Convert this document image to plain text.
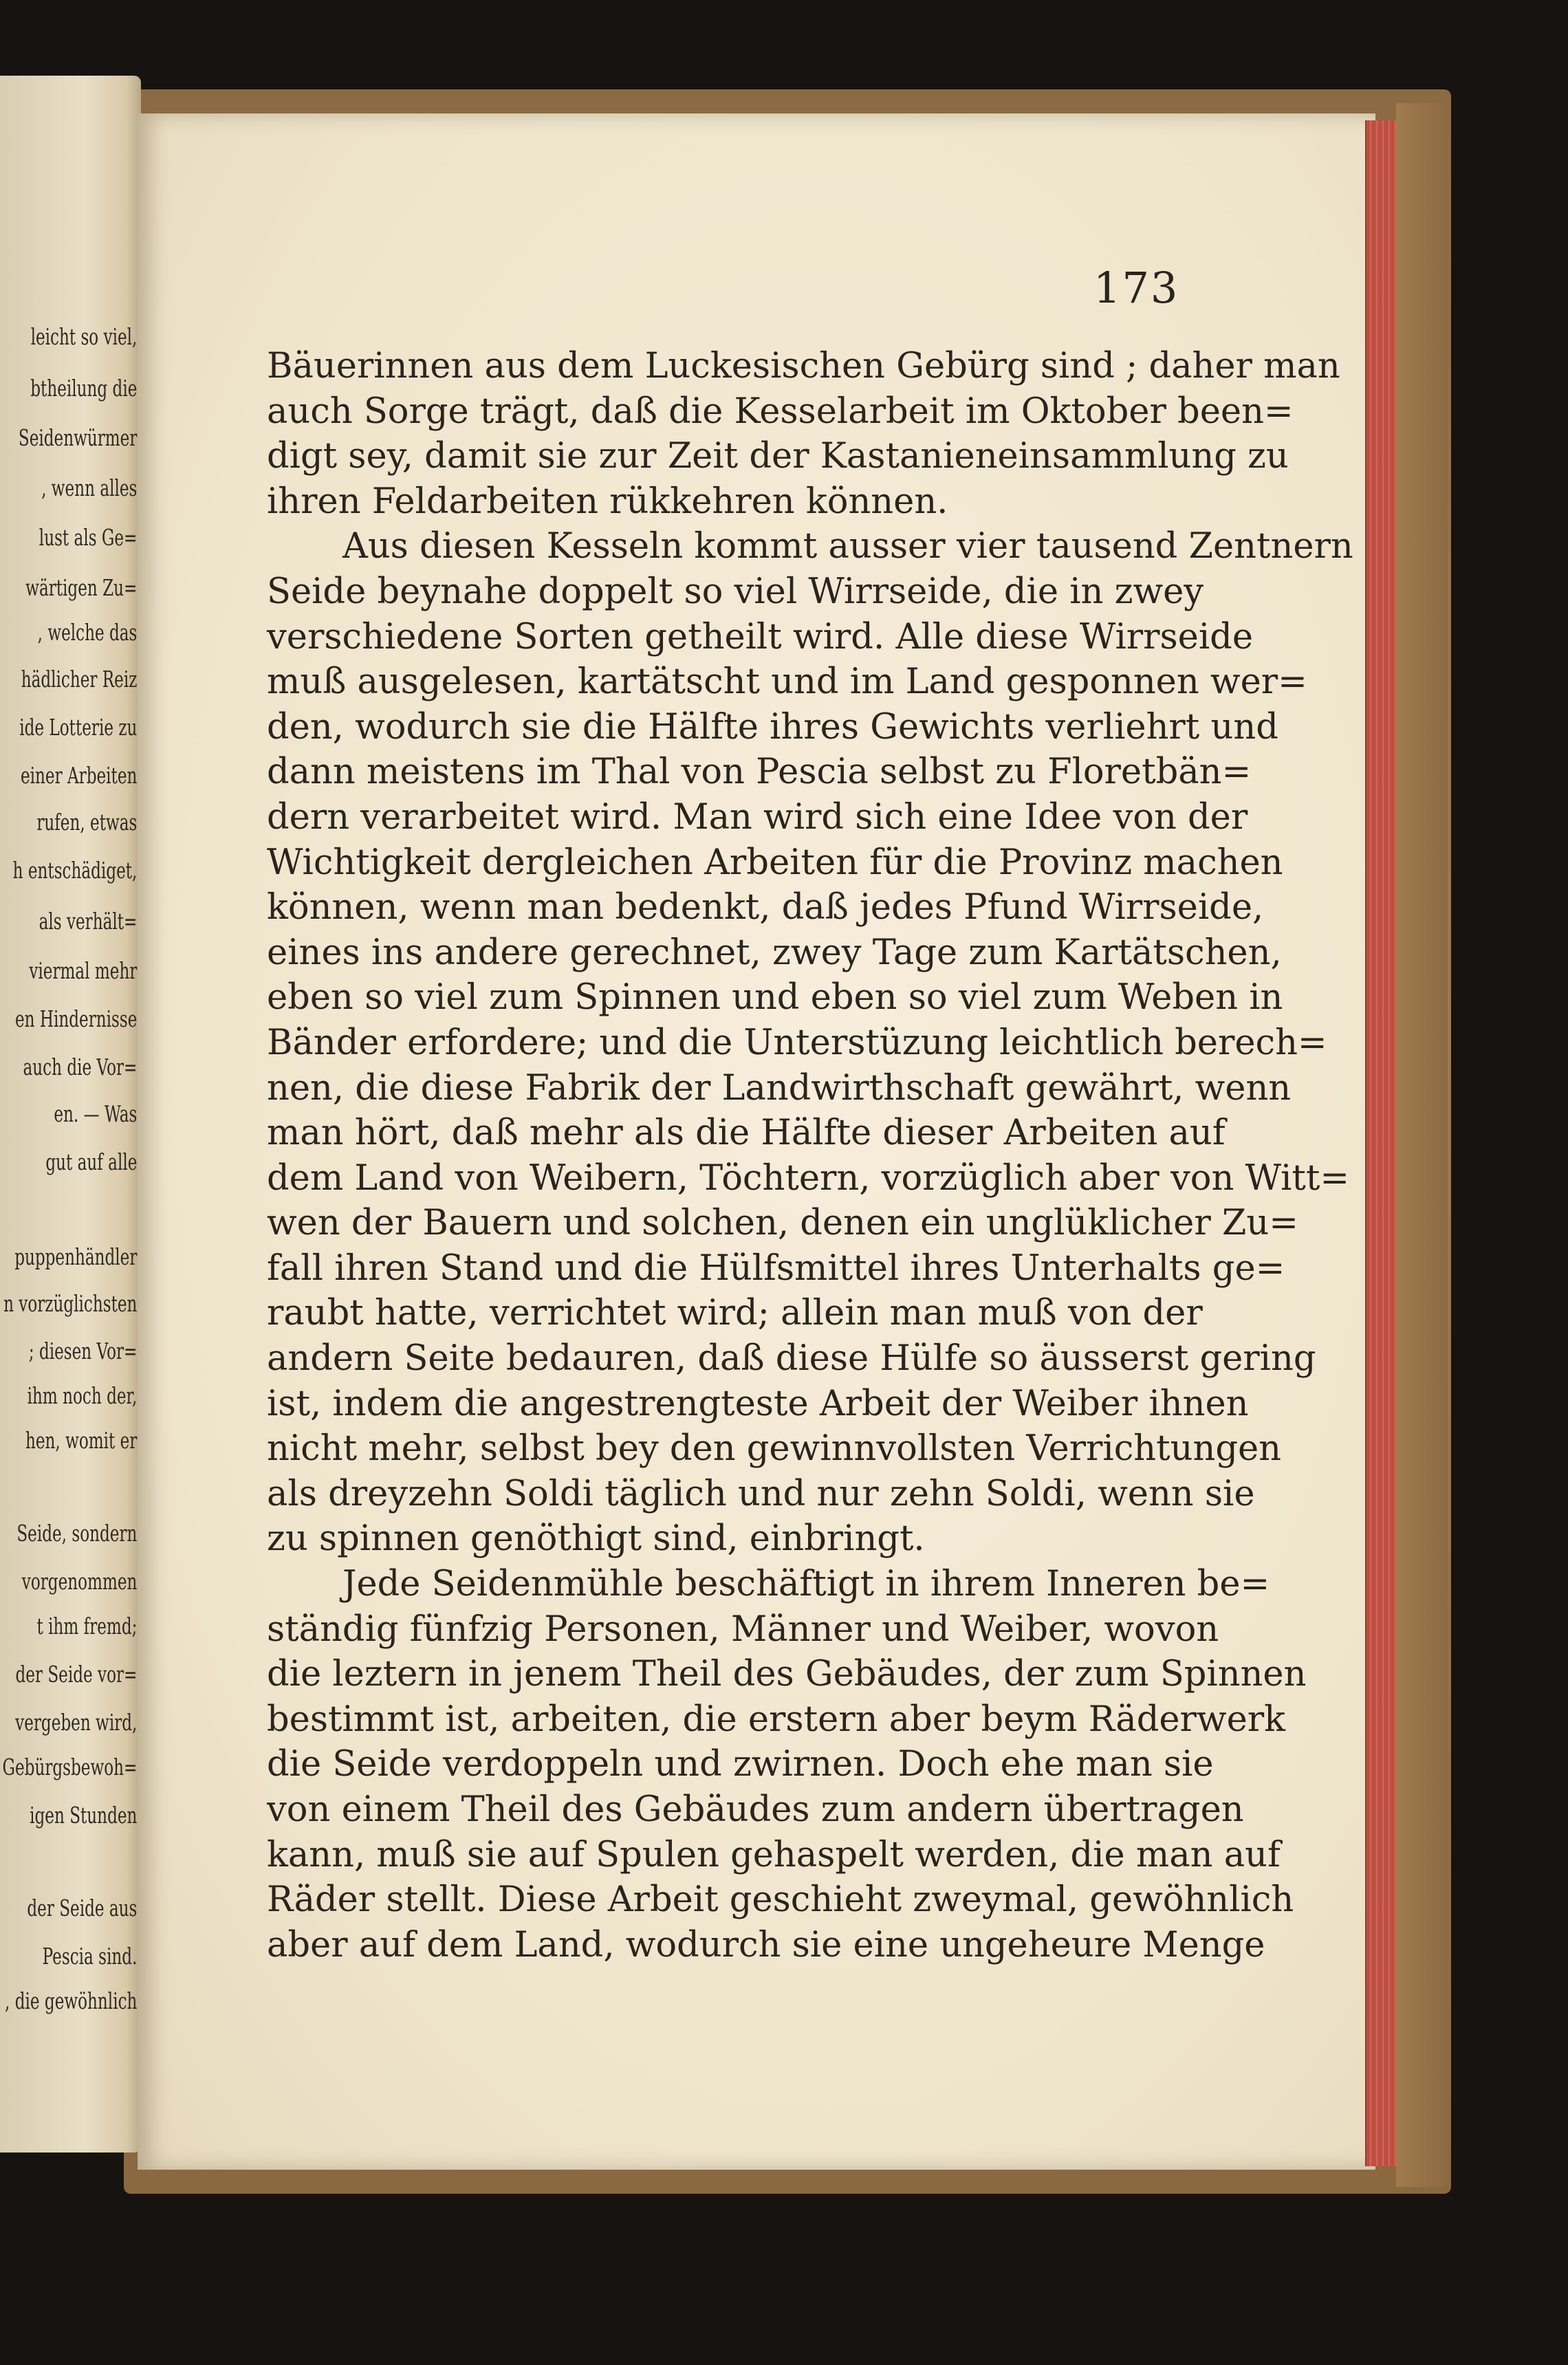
leicht so viel,
btheilung die
Seidenwürmer
, wenn alles
lust als Ge=
wärtigen Zu=
, welche das
hädlicher Reiz
ide Lotterie zu
einer Arbeiten
rufen, etwas
h entschädiget,
als verhält=
viermal mehr
en Hindernisse
auch die Vor=
en. — Was
gut auf alle
puppenhändler
n vorzüglichsten
; diesen Vor=
ihm noch der,
hen, womit er
Seide, sondern
vorgenommen
t ihm fremd;
der Seide vor=
vergeben wird,
Gebürgsbewoh=
igen Stunden
der Seide aus
Pescia sind.
, die gewöhnlich
173
Bäuerinnen aus dem Luckesischen Gebürg sind ; daher man
auch Sorge trägt, daß die Kesselarbeit im Oktober been=
digt sey, damit sie zur Zeit der Kastanieneinsammlung zu
ihren Feldarbeiten rükkehren können.
Aus diesen Kesseln kommt ausser vier tausend Zentnern
Seide beynahe doppelt so viel Wirrseide, die in zwey
verschiedene Sorten getheilt wird. Alle diese Wirrseide
muß ausgelesen, kartätscht und im Land gesponnen wer=
den, wodurch sie die Hälfte ihres Gewichts verliehrt und
dann meistens im Thal von Pescia selbst zu Floretbän=
dern verarbeitet wird. Man wird sich eine Idee von der
Wichtigkeit dergleichen Arbeiten für die Provinz machen
können, wenn man bedenkt, daß jedes Pfund Wirrseide,
eines ins andere gerechnet, zwey Tage zum Kartätschen,
eben so viel zum Spinnen und eben so viel zum Weben in
Bänder erfordere; und die Unterstüzung leichtlich berech=
nen, die diese Fabrik der Landwirthschaft gewährt, wenn
man hört, daß mehr als die Hälfte dieser Arbeiten auf
dem Land von Weibern, Töchtern, vorzüglich aber von Witt=
wen der Bauern und solchen, denen ein unglüklicher Zu=
fall ihren Stand und die Hülfsmittel ihres Unterhalts ge=
raubt hatte, verrichtet wird; allein man muß von der
andern Seite bedauren, daß diese Hülfe so äusserst gering
ist, indem die angestrengteste Arbeit der Weiber ihnen
nicht mehr, selbst bey den gewinnvollsten Verrichtungen
als dreyzehn Soldi täglich und nur zehn Soldi, wenn sie
zu spinnen genöthigt sind, einbringt.
Jede Seidenmühle beschäftigt in ihrem Inneren be=
ständig fünfzig Personen, Männer und Weiber, wovon
die leztern in jenem Theil des Gebäudes, der zum Spinnen
bestimmt ist, arbeiten, die erstern aber beym Räderwerk
die Seide verdoppeln und zwirnen. Doch ehe man sie
von einem Theil des Gebäudes zum andern übertragen
kann, muß sie auf Spulen gehaspelt werden, die man auf
Räder stellt. Diese Arbeit geschieht zweymal, gewöhnlich
aber auf dem Land, wodurch sie eine ungeheure Menge
